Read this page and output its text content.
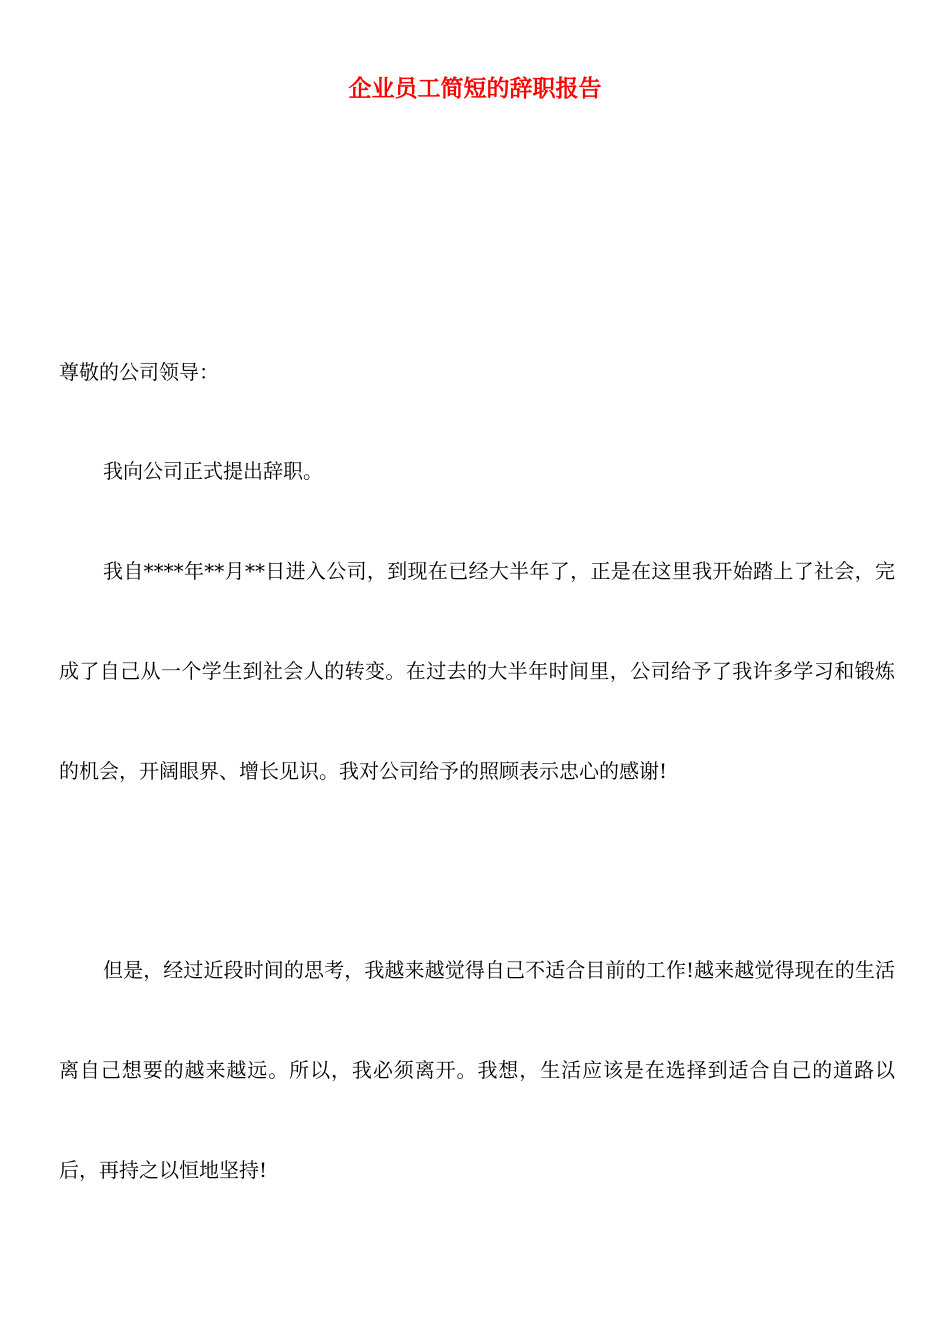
企业员工简短的辞职报告

尊敬的公司领导：

我向公司正式提出辞职。

我自****年**月**日进入公司，到现在已经大半年了，正是在这里我开始踏上了社会，完成了自己从一个学生到社会人的转变。在过去的大半年时间里，公司给予了我许多学习和锻炼的机会，开阔眼界、增长见识。我对公司给予的照顾表示忠心的感谢!

但是，经过近段时间的思考，我越来越觉得自己不适合目前的工作!越来越觉得现在的生活离自己想要的越来越远。所以，我必须离开。我想，生活应该是在选择到适合自己的道路以后，再持之以恒地坚持!
